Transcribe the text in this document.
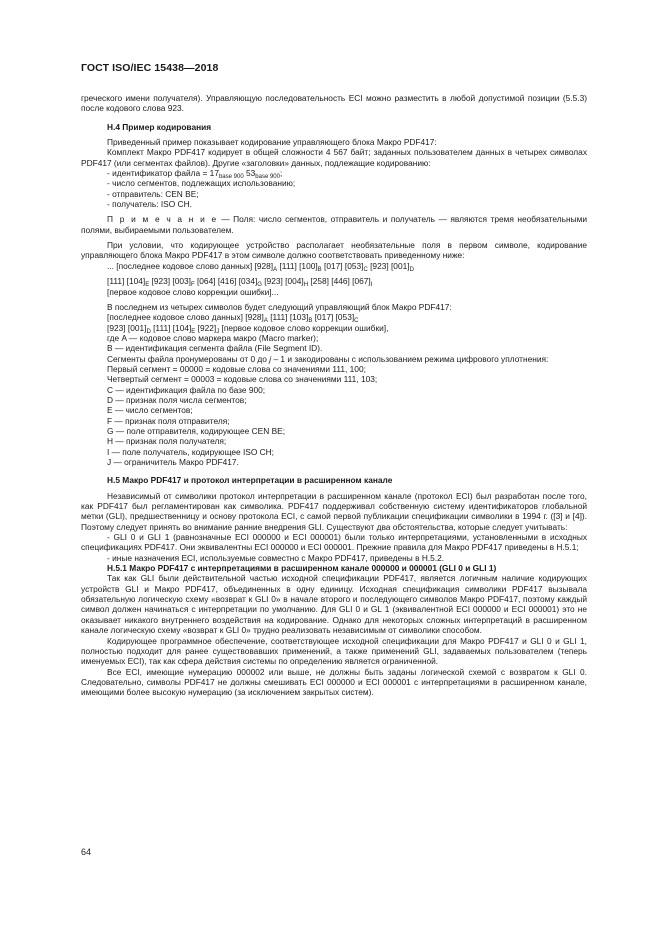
ГОСТ ISO/IEC 15438—2018

греческого имени получателя). Управляющую последовательность ECI можно разместить в любой допустимой позиции (5.5.3) после кодового слова 923.

H.4 Пример кодирования

Приведенный пример показывает кодирование управляющего блока Макро PDF417:

Комплект Макро PDF417 кодирует в общей сложности 4 567 байт; заданных пользователем данных в четырех символах PDF417 (или сегментах файлов). Другие «заголовки» данных, подлежащие кодированию:

- идентификатор файла = $17_{base 900}$ $53_{base 900}$;

- число сегментов, подлежащих использованию;

- отправитель: CEN BE;

- получатель: ISO CH.

П р и м е ч а н и е — Поля: число сегментов, отправитель и получатель — являются тремя необязательными полями, выбираемыми пользователем.

При условии, что кодирующее устройство располагает необязательные поля в первом символе, кодирование управляющего блока Макро PDF417 в этом символе должно соответствовать приведенному ниже:

... [последнее кодовое слово данных] $[928]_A$ [111] $[100]_B$ [017] $[053]_C$ [923] $[001]_D$

[111] $[104]_E$ [923] $[003]_F$ [064] [416] $[034]_G$ [923] $[004]_H$ [258] [446] $[067]_I$

[первое кодовое слово коррекции ошибки]...

В последнем из четырех символов будет следующий управляющий блок Макро PDF417:

[последнее кодовое слово данных] $[928]_A$ [111] $[103]_B$ [017] $[053]_C$

[923] $[001]_D$ [111] $[104]_E$ $[922]_J$ [первое кодовое слово коррекции ошибки],

где A — кодовое слово маркера макро (Macro marker);

B — идентификация сегмента файла (File Segment ID).

Сегменты файла пронумерованы от 0 до j – 1 и закодированы с использованием режима цифрового уплотнения:

Первый сегмент = 00000 = кодовые слова со значениями 111, 100;

Четвертый сегмент = 00003 = кодовые слова со значениями 111, 103;

C — идентификация файла по базе 900;

D — признак поля числа сегментов;

E — число сегментов;

F — признак поля отправителя;

G — поле отправителя, кодирующее CEN BE;

H — признак поля получателя;

I — поле получатель, кодирующее ISO CH;

J — ограничитель Макро PDF417.

H.5 Макро PDF417 и протокол интерпретации в расширенном канале

Независимый от символики протокол интерпретации в расширенном канале (протокол ECI) был разработан после того, как PDF417 был регламентирован как символика. PDF417 поддерживал собственную систему идентификаторов глобальной метки (GLI), предшественницу и основу протокола ECI, с самой первой публикации спецификации символики в 1994 г. ([3] и [4]). Поэтому следует принять во внимание ранние внедрения GLI. Существуют два обстоятельства, которые следует учитывать:

- GLI 0 и GLI 1 (равнозначные ECI 000000 и ECI 000001) были только интерпретациями, установленными в исходных спецификациях PDF417. Они эквивалентны ECI 000000 и ECI 000001. Прежние правила для Макро PDF417 приведены в H.5.1;

- иные назначения ECI, используемые совместно с Макро PDF417, приведены в H.5.2.

H.5.1 Макро PDF417 с интерпретациями в расширенном канале 000000 и 000001 (GLI 0 и GLI 1)

Так как GLI были действительной частью исходной спецификации PDF417, является логичным наличие кодирующих устройств GLI и Макро PDF417, объединенных в одну единицу. Исходная спецификация символики PDF417 вызывала обязательную логическую схему «возврат к GLI 0» в начале второго и последующего символов Макро PDF417, поэтому каждый символ должен начинаться с интерпретации по умолчанию. Для GLI 0 и GL 1 (эквивалентной ECI 000000 и ECI 000001) это не оказывает никакого внутреннего воздействия на кодирование. Однако для некоторых сложных интерпретаций в расширенном канале логическую схему «возврат к GLI 0» трудно реализовать независимым от символики способом.

Кодирующее программное обеспечение, соответствующее исходной спецификации для Макро PDF417 и GLI 0 и GLI 1, полностью подходит для ранее существовавших применений, а также применений GLI, задаваемых пользователем (теперь именуемых ECI), так как сфера действия системы по определению является ограниченной.

Все ECI, имеющие нумерацию 000002 или выше, не должны быть заданы логической схемой с возвратом к GLI 0. Следовательно, символы PDF417 не должны смешивать ECI 000000 и ECI 000001 с интерпретациями в расширенном канале, имеющими более высокую нумерацию (за исключением закрытых систем).

64
